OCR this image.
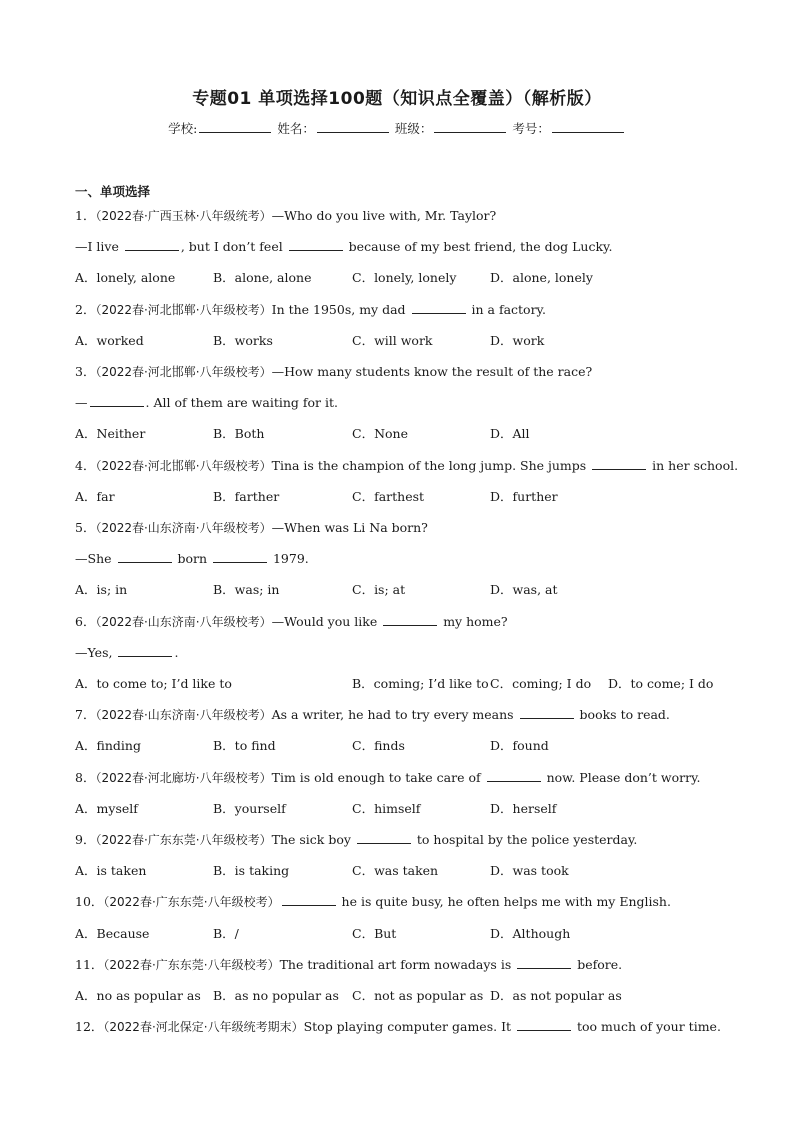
专题01 单项选择100题（知识点全覆盖）（解析版）
学校:	姓名：	班级：	考号：
一、单项选择
1．（2022春·广西玉林·八年级统考）—Who do you live with, Mr. Taylor?
—I live	, but I don’t feel	because of my best friend, the dog Lucky.
A．lonely, alone	B．alone, alone	C．lonely, lonely	D．alone, lonely
2．（2022春·河北邯郸·八年级校考）In the 1950s, my dad	in a factory.
A．worked	B．works	C．will work	D．work
3．（2022春·河北邯郸·八年级校考）—How many students know the result of the race?
—	. All of them are waiting for it.
A．Neither	B．Both	C．None	D．All
4．（2022春·河北邯郸·八年级校考）Tina is the champion of the long jump. She jumps	in her school.
A．far	B．farther	C．farthest	D．further
5．（2022春·山东济南·八年级校考）—When was Li Na born?
—She	born	1979.
A．is; in	B．was; in	C．is; at	D．was, at
6．（2022春·山东济南·八年级校考）—Would you like	my home?
—Yes,	.
A．to come to; I’d like to	B．coming; I’d like to C．coming; I do D．to come; I do
7．（2022春·山东济南·八年级校考）As a writer, he had to try every means	books to read.
A．finding	B．to find	C．finds	D．found
8．（2022春·河北廊坊·八年级校考）Tim is old enough to take care of	now. Please don’t worry.
A．myself	B．yourself	C．himself	D．herself
9．（2022春·广东东莞·八年级校考）The sick boy	to hospital by the police yesterday.
A．is taken	B．is taking	C．was taken	D．was took
10．（2022春·广东东莞·八年级校考）	he is quite busy, he often helps me with my English.
A．Because	B．/	C．But	D．Although
11．（2022春·广东东莞·八年级校考）The traditional art form nowadays is	before.
A．no as popular as B．as no popular as C．not as popular as D．as not popular as
12．（2022春·河北保定·八年级统考期末）Stop playing computer games. It	too much of your time.
